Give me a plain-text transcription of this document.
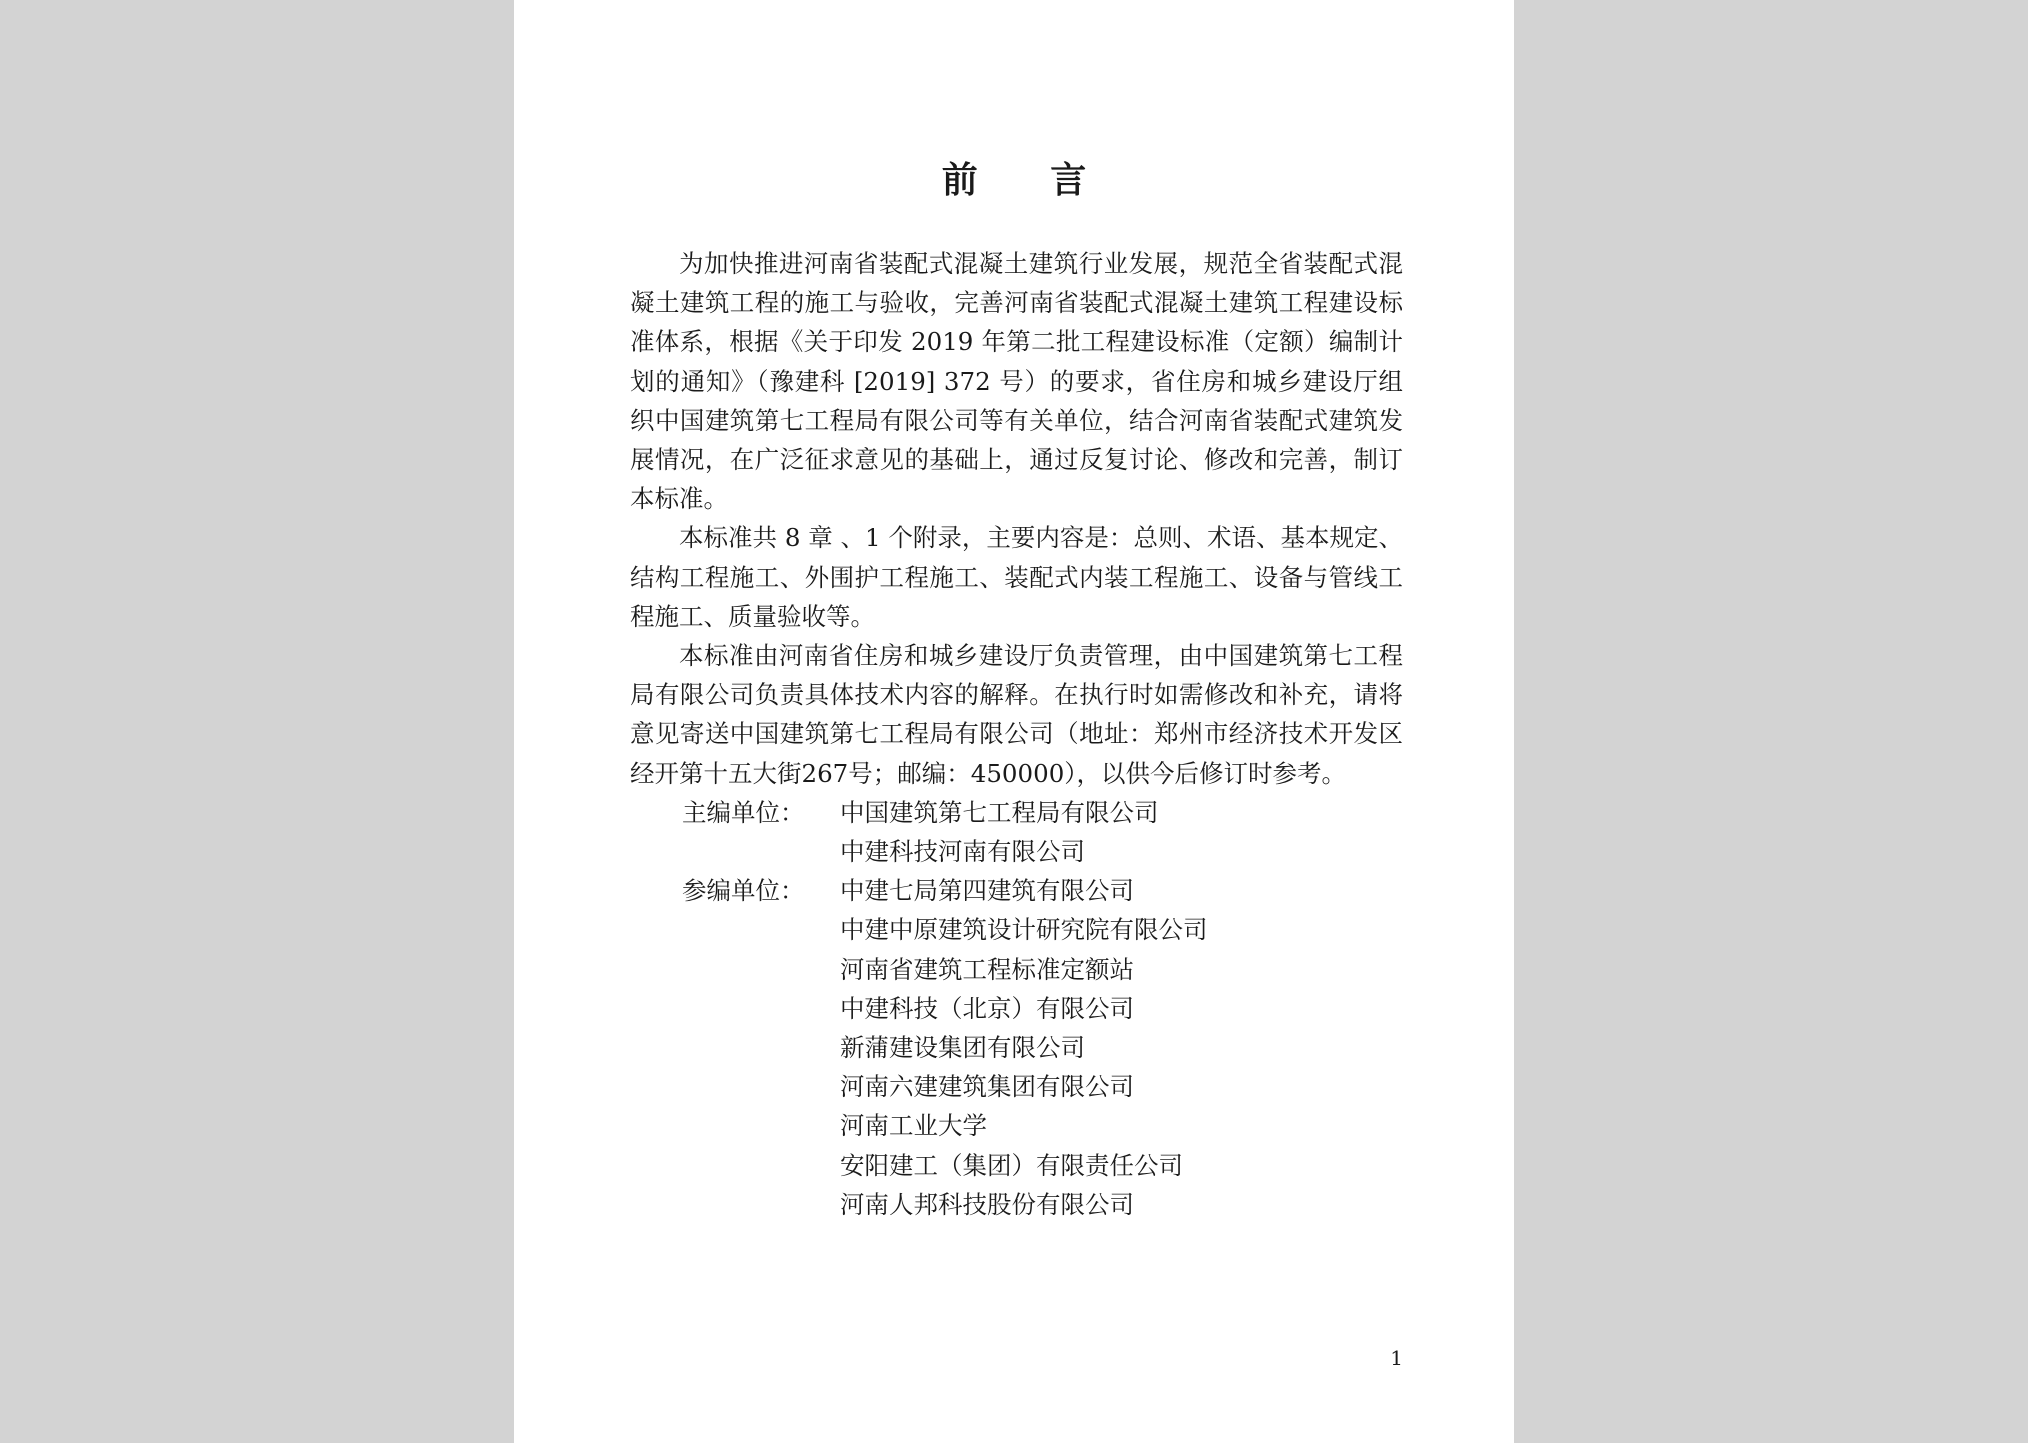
前 言

为加快推进河南省装配式混凝土建筑行业发展，规范全省装配式混凝土建筑工程的施工与验收，完善河南省装配式混凝土建筑工程建设标准体系，根据《关于印发 2019 年第二批工程建设标准（定额）编制计划的通知》（豫建科 [2019] 372 号）的要求，省住房和城乡建设厅组织中国建筑第七工程局有限公司等有关单位，结合河南省装配式建筑发展情况，在广泛征求意见的基础上，通过反复讨论、修改和完善，制订本标准。

本标准共 8 章 、1 个附录，主要内容是：总则、术语、基本规定、结构工程施工、外围护工程施工、装配式内装工程施工、设备与管线工程施工、质量验收等。

本标准由河南省住房和城乡建设厅负责管理，由中国建筑第七工程局有限公司负责具体技术内容的解释。在执行时如需修改和补充，请将意见寄送中国建筑第七工程局有限公司（地址：郑州市经济技术开发区经开第十五大街267号；邮编：450000），以供今后修订时参考。

主编单位：	中国建筑第七工程局有限公司
中建科技河南有限公司
参编单位：	中建七局第四建筑有限公司
中建中原建筑设计研究院有限公司
河南省建筑工程标准定额站
中建科技（北京）有限公司
新蒲建设集团有限公司
河南六建建筑集团有限公司
河南工业大学
安阳建工（集团）有限责任公司
河南人邦科技股份有限公司
1
